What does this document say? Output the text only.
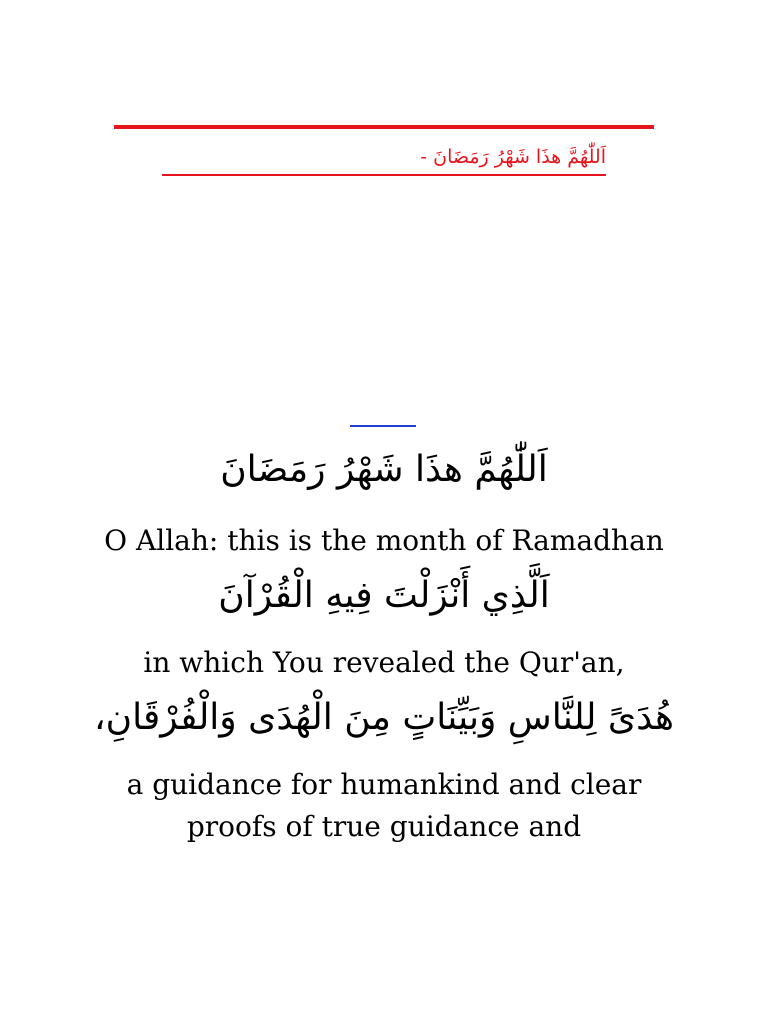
اَللّٰهُمَّ هذَا شَهْرُ رَمَضَانَ -

اَللّٰهُمَّ هذَا شَهْرُ رَمَضَانَ

O Allah: this is the month of Ramadhan

اَلَّذِي أَنْزَلْتَ فِيهِ الْقُرْآنَ

in which You revealed the Qur'an,

هُدَىً لِلنَّاسِ وَبَيِّنَاتٍ مِنَ الْهُدَى وَالْفُرْقَانِ،

a guidance for humankind and clear proofs of true guidance and
